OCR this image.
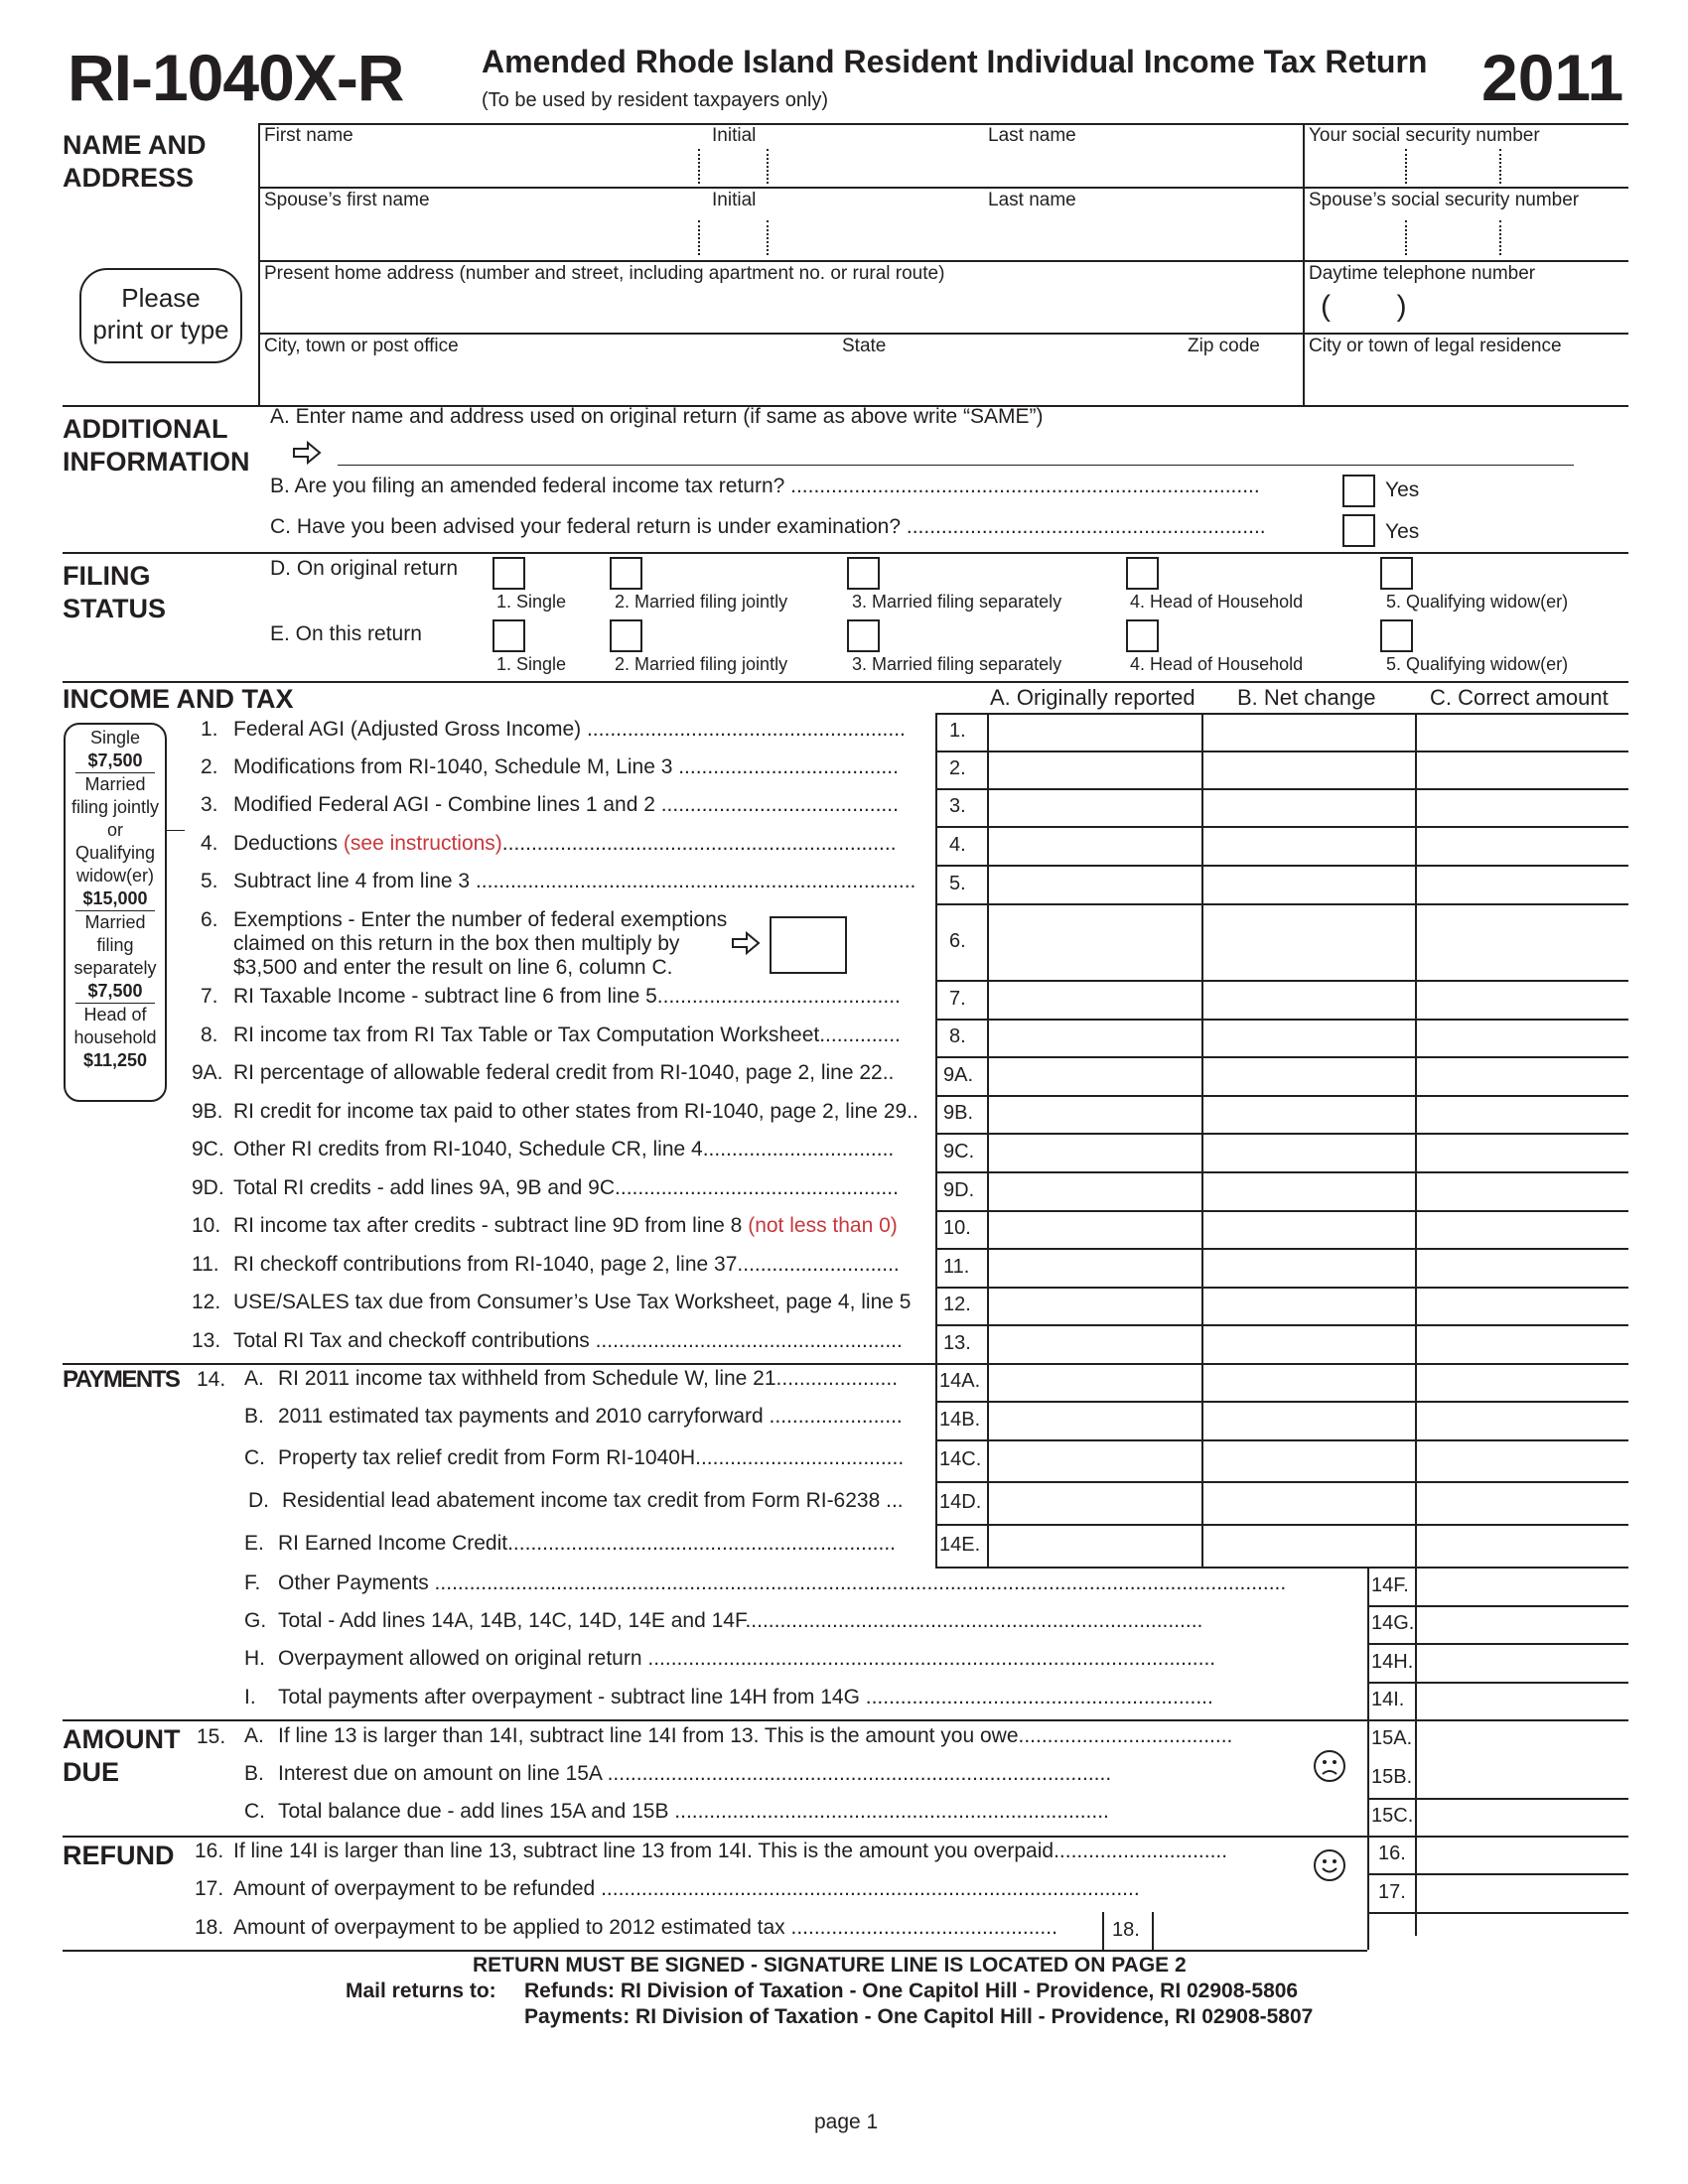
RI-1040X-R Amended Rhode Island Resident Individual Income Tax Return
(To be used by resident taxpayers only)	2011
NAME AND
ADDRESS
Please
print or type
First name	Initial	Last name	Your social security number
Spouse’s first name	Initial	Last name	Spouse’s social security number
Present home address (number and street, including apartment no. or rural route)	Daytime telephone number
(        )
City, town or post office	State	Zip code	City or town of legal residence
ADDITIONAL
INFORMATION
A. Enter name and address used on original return (if same as above write “SAME”)
B. Are you filing an amended federal income tax return? .................................................................................	Yes
C. Have you been advised your federal return is under examination? ..............................................................	Yes
FILING
STATUS
D. On original return
E. On this return
1. Single	2. Married filing jointly	3. Married filing separately	4. Head of Household	5. Qualifying widow(er)
1. Single	2. Married filing jointly	3. Married filing separately	4. Head of Household	5. Qualifying widow(er)
INCOME AND TAX	A. Originally reported B. Net change C. Correct amount
Single
$7,500
Married
filing jointly
or
Qualifying
widow(er)
$15,000
Married
filing
separately
$7,500
Head of
household
$11,250
1. Federal AGI (Adjusted Gross Income) ....................................................... 1.
2. Modifications from RI-1040, Schedule M, Line 3 ......................................	2.
3. Modified Federal AGI - Combine lines 1 and 2 .........................................	3.
4. Deductions (see instructions)....................................................................	4.
5. Subtract line 4 from line 3 ............................................................................ 5.
6. Exemptions - Enter the number of federal exemptions
claimed on this return in the box then multiply by
$3,500 and enter the result on line 6, column C.
6.
7. RI Taxable Income - subtract line 6 from line 5.......................................... 7.
8. RI income tax from RI Tax Table or Tax Computation Worksheet.............. 8.
9A. RI percentage of allowable federal credit from RI-1040, page 2, line 22.. 9A.
9B. RI credit for income tax paid to other states from RI-1040, page 2, line 29.. 9B.
9C. Other RI credits from RI-1040, Schedule CR, line 4................................. 9C.
9D. Total RI credits - add lines 9A, 9B and 9C................................................. 9D.
10. RI income tax after credits - subtract line 9D from line 8 (not less than 0) 10.
11. RI checkoff contributions from RI-1040, page 2, line 37............................ 11.
12. USE/SALES tax due from Consumer’s Use Tax Worksheet, page 4, line 5 12.
13. Total RI Tax and checkoff contributions ..................................................... 13.
PAYMENTS 14. A. RI 2011 income tax withheld from Schedule W, line 21..................... 14A.
B. 2011 estimated tax payments and 2010 carryforward ....................... 14B.
C. Property tax relief credit from Form RI-1040H.................................... 14C.
D. Residential lead abatement income tax credit from Form RI-6238 ... 14D.
E. RI Earned Income Credit................................................................... 14E.
F. Other Payments ...................................................................................................................................................	14F.
G. Total - Add lines 14A, 14B, 14C, 14D, 14E and 14F...............................................................................	14G.
H. Overpayment allowed on original return ..................................................................................................	14H.
I. Total payments after overpayment - subtract line 14H from 14G ............................................................	14I.
AMOUNT
DUE
15. A. If line 13 is larger than 14I, subtract line 14I from 13. This is the amount you owe.....................................	15A.
B. Interest due on amount on line 15A .......................................................................................	15B.
C. Total balance due - add lines 15A and 15B ...........................................................................	15C.
REFUND 16. If line 14I is larger than line 13, subtract line 13 from 14I. This is the amount you overpaid..............................	16.
17. Amount of overpayment to be refunded .............................................................................................	17.
18. Amount of overpayment to be applied to 2012 estimated tax ..............................................	18.
RETURN MUST BE SIGNED - SIGNATURE LINE IS LOCATED ON PAGE 2
Mail returns to: Refunds: RI Division of Taxation - One Capitol Hill - Providence, RI 02908-5806
Payments: RI Division of Taxation - One Capitol Hill - Providence, RI 02908-5807
page 1
